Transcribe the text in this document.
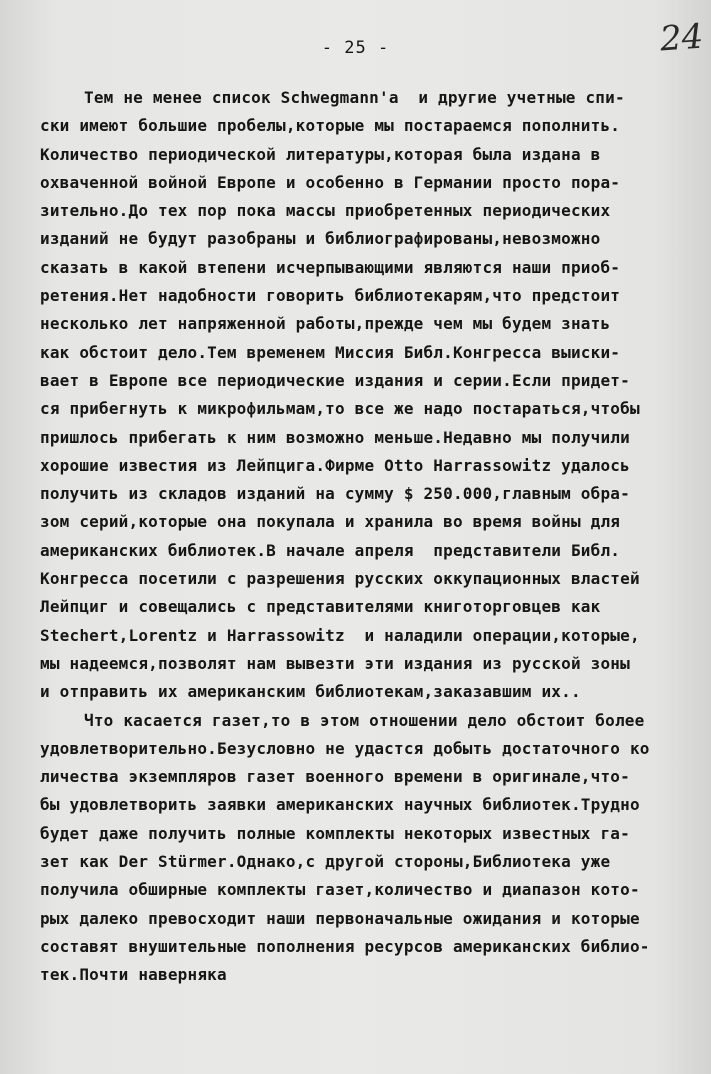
24
- 25 -
Тем не менее список Schwegmann'а  и другие учетные спи-
ски имеют большие пробелы,которые мы постараемся пополнить.
Количество периодической литературы,которая была издана в
охваченной войной Европе и особенно в Германии просто пора-
зительно.До тех пор пока массы приобретенных периодических
изданий не будут разобраны и библиографированы,невозможно
сказать в какой втепени исчерпывающими являются наши приоб-
ретения.Нет надобности говорить библиотекарям,что предстоит
несколько лет напряженной работы,прежде чем мы будем знать
как обстоит дело.Тем временем Миссия Библ.Конгресса выиски-
вает в Европе все периодические издания и серии.Если придет-
ся прибегнуть к микрофильмам,то все же надо постараться,чтобы
пришлось прибегать к ним возможно меньше.Недавно мы получили
хорошие известия из Лейпцига.Фирме Otto Harrassowitz удалось
получить из складов изданий на сумму $ 250.000,главным обра-
зом серий,которые она покупала и хранила во время войны для
американских библиотек.В начале апреля  представители Библ.
Конгресса посетили с разрешения русских оккупационных властей
Лейпциг и совещались с представителями книготорговцев как
Stechert,Lorentz и Harrassowitz  и наладили операции,которые,
мы надеемся,позволят нам вывезти эти издания из русской зоны
и отправить их американским библиотекам,заказавшим их..
Что касается газет,то в этом отношении дело обстоит более
удовлетворительно.Безусловно не удастся добыть достаточного ко
личества экземпляров газет военного времени в оригинале,что-
бы удовлетворить заявки американских научных библиотек.Трудно
будет даже получить полные комплекты некоторых известных га-
зет как Der Stürmer.Однако,с другой стороны,Библиотека уже
получила обширные комплекты газет,количество и диапазон кото-
рых далеко превосходит наши первоначальные ожидания и которые
составят внушительные пополнения ресурсов американских библио-
тек.Почти наверняка
